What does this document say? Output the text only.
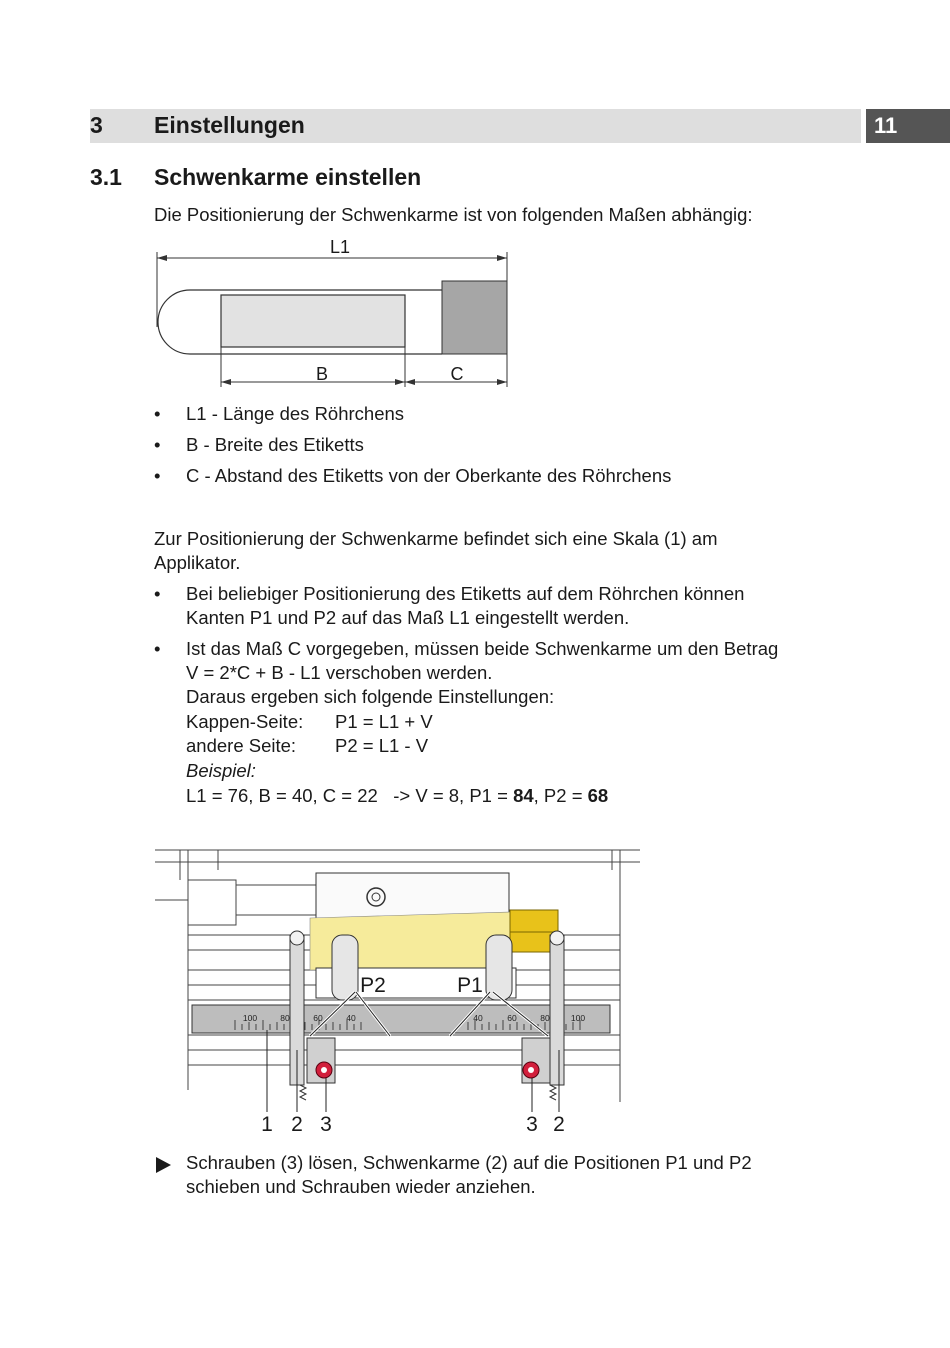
3 Einstellungen	11
3.1 Schwenkarme einstellen
Die Positionierung der Schwenkarme ist von folgenden Maßen abhängig:
L1
B	C
• L1 - Länge des Röhrchens
• B - Breite des Etiketts
• C - Abstand des Etiketts von der Oberkante des Röhrchens
Zur Positionierung der Schwenkarme befindet sich eine Skala (1) am
Applikator.
• Bei beliebiger Positionierung des Etiketts auf dem Röhrchen können
Kanten P1 und P2 auf das Maß L1 eingestellt werden.
• Ist das Maß C vorgegeben, müssen beide Schwenkarme um den Betrag
V = 2*C + B - L1 verschoben werden.
Daraus ergeben sich folgende Einstellungen:
Kappen-Seite: P1 = L1 + V
andere Seite: P2 = L1 - V
Beispiel:
L1 = 76, B = 40, C = 22   -> V = 8, P1 = 84, P2 = 68
100	80	60	40	40	60	80 100
P2	P1
1 2 3	3 2
Schrauben (3) lösen, Schwenkarme (2) auf die Positionen P1 und P2
schieben und Schrauben wieder anziehen.
